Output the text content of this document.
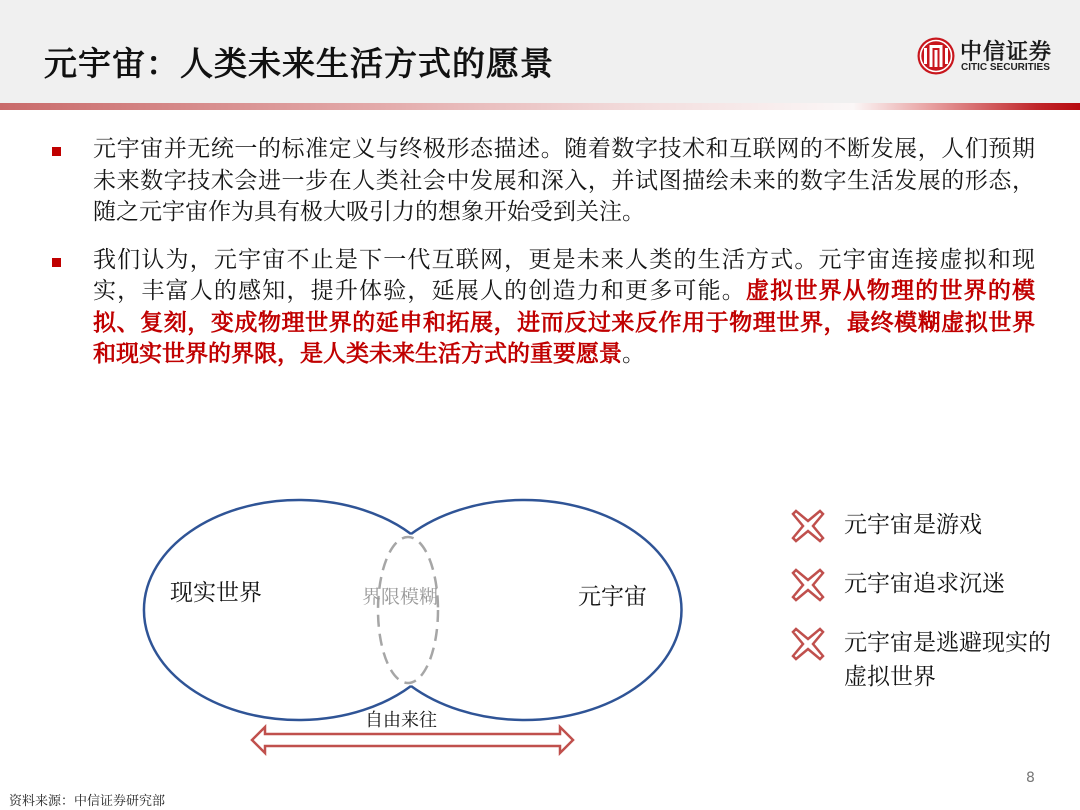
元宇宙：人类未来生活方式的愿景	中信证券
CITIC SECURITIES
元宇宙并无统一的标准定义与终极形态描述。随着数字技术和互联网的不断发展，人们预期未来数字技术会进一步在人类社会中发展和深入，并试图描绘未来的数字生活发展的形态，随之元宇宙作为具有极大吸引力的想象开始受到关注。
我们认为，元宇宙不止是下一代互联网，更是未来人类的生活方式。元宇宙连接虚拟和现实，丰富人的感知，提升体验，延展人的创造力和更多可能。虚拟世界从物理的世界的模拟、复刻，变成物理世界的延申和拓展，进而反过来反作用于物理世界，最终模糊虚拟世界和现实世界的界限，是人类未来生活方式的重要愿景。
现实世界	元宇宙
界限模糊
自由来往
元宇宙是游戏
元宇宙追求沉迷
元宇宙是逃避现实的虚拟世界
8
资料来源：中信证券研究部
